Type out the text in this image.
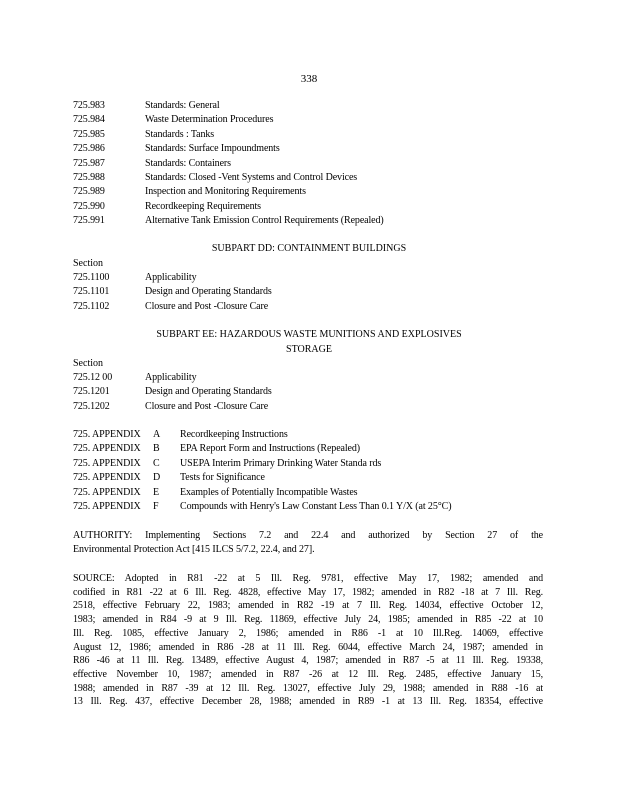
338
725.983	Standards: General
725.984	Waste Determination Procedures
725.985	Standards : Tanks
725.986	Standards: Surface Impoundments
725.987	Standards: Containers
725.988	Standards: Closed -Vent Systems and Control Devices
725.989	Inspection and Monitoring Requirements
725.990	Recordkeeping Requirements
725.991	Alternative Tank Emission Control Requirements (Repealed)
SUBPART DD: CONTAINMENT BUILDINGS
Section
725.1100	Applicability
725.1101	Design and Operating Standards
725.1102	Closure and Post -Closure Care
SUBPART EE: HAZARDOUS WASTE MUNITIONS AND EXPLOSIVES
STORAGE
Section
725.12 00	Applicability
725.1201	Design and Operating Standards
725.1202	Closure and Post -Closure Care
725. APPENDIX A Recordkeeping Instructions
725. APPENDIX B EPA Report Form and Instructions (Repealed)
725. APPENDIX C USEPA Interim Primary Drinking Water Standa rds
725. APPENDIX D Tests for Significance
725. APPENDIX E Examples of Potentially Incompatible Wastes
725. APPENDIX F Compounds with Henry's Law Constant Less Than 0.1 Y/X (at 25°C)
AUTHORITY: Implementing Sections 7.2 and 22.4 and authorized by Section 27 of the
Environmental Protection Act [415 ILCS 5/7.2, 22.4, and 27].
SOURCE: Adopted in R81 -22 at 5 Ill. Reg. 9781, effective May 17, 1982; amended and
codified in R81 -22 at 6 Ill. Reg. 4828, effective May 17, 1982; amended in R82 -18 at 7 Ill. Reg.
2518, effective February 22, 1983; amended in R82 -19 at 7 Ill. Reg. 14034, effective October 12,
1983; amended in R84 -9 at 9 Ill. Reg. 11869, effective July 24, 1985; amended in R85 -22 at 10
Ill. Reg. 1085, effective January 2, 1986; amended in R86 -1 at 10 Ill.Reg. 14069, effective
August 12, 1986; amended in R86 -28 at 11 Ill. Reg. 6044, effective March 24, 1987; amended in
R86 -46 at 11 Ill. Reg. 13489, effective August 4, 1987; amended in R87 -5 at 11 Ill. Reg. 19338,
effective November 10, 1987; amended in R87 -26 at 12 Ill. Reg. 2485, effective January 15,
1988; amended in R87 -39 at 12 Ill. Reg. 13027, effective July 29, 1988; amended in R88 -16 at
13 Ill. Reg. 437, effective December 28, 1988; amended in R89 -1 at 13 Ill. Reg. 18354, effective
